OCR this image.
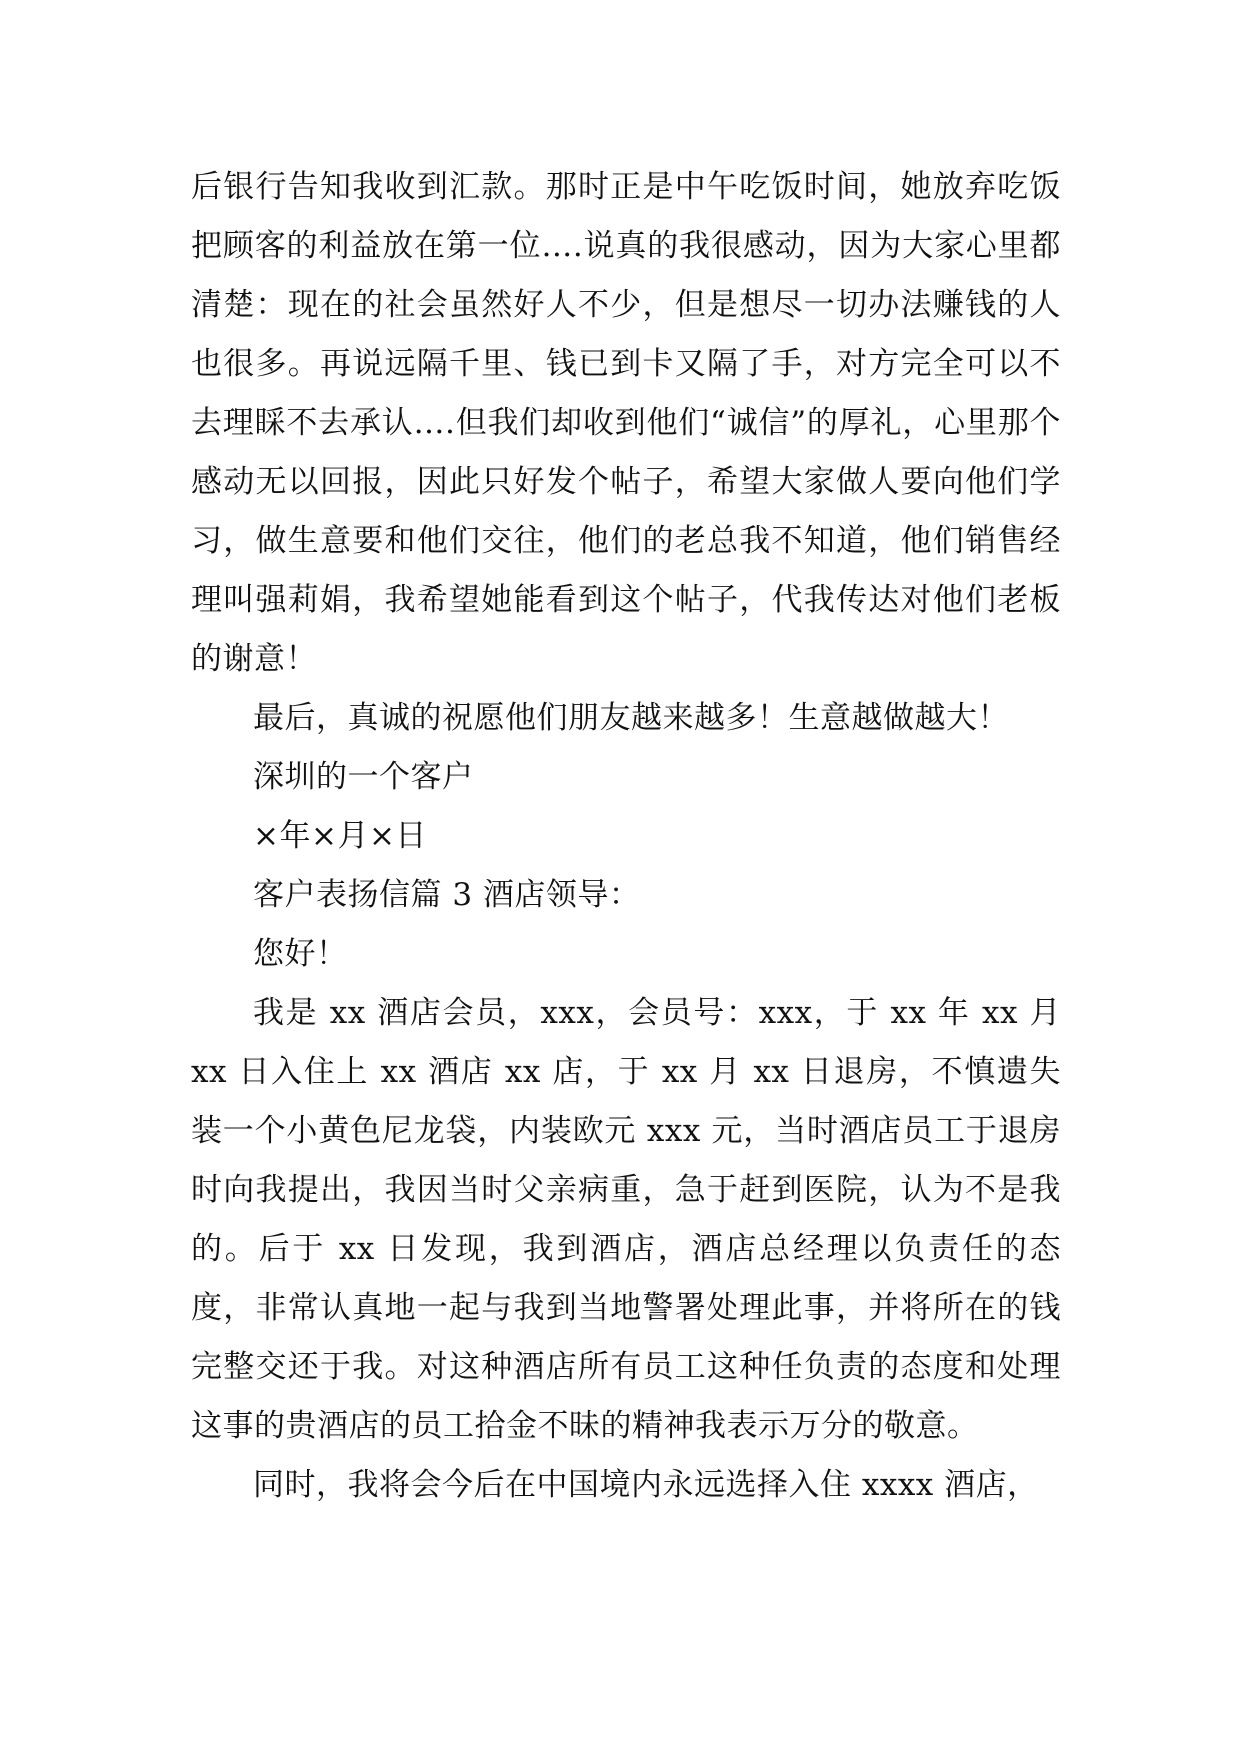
后银行告知我收到汇款。那时正是中午吃饭时间，她放弃吃饭把顾客的利益放在第一位….说真的我很感动，因为大家心里都清楚：现在的社会虽然好人不少，但是想尽一切办法赚钱的人也很多。再说远隔千里、钱已到卡又隔了手，对方完全可以不去理睬不去承认….但我们却收到他们“诚信”的厚礼，心里那个感动无以回报，因此只好发个帖子，希望大家做人要向他们学习，做生意要和他们交往，他们的老总我不知道，他们销售经理叫强莉娟，我希望她能看到这个帖子，代我传达对他们老板的谢意！

最后，真诚的祝愿他们朋友越来越多！生意越做越大！

深圳的一个客户

×年×月×日

客户表扬信篇 3 酒店领导：

您好！

我是 xx 酒店会员，xxx，会员号：xxx，于 xx 年 xx 月 xx 日入住上 xx 酒店 xx 店，于 xx 月 xx 日退房，不慎遗失装一个小黄色尼龙袋，内装欧元 xxx 元，当时酒店员工于退房时向我提出，我因当时父亲病重，急于赶到医院，认为不是我的。后于 xx 日发现，我到酒店，酒店总经理以负责任的态度，非常认真地一起与我到当地警署处理此事，并将所在的钱完整交还于我。对这种酒店所有员工这种任负责的态度和处理这事的贵酒店的员工拾金不昧的精神我表示万分的敬意。

同时，我将会今后在中国境内永远选择入住 xxxx 酒店，
